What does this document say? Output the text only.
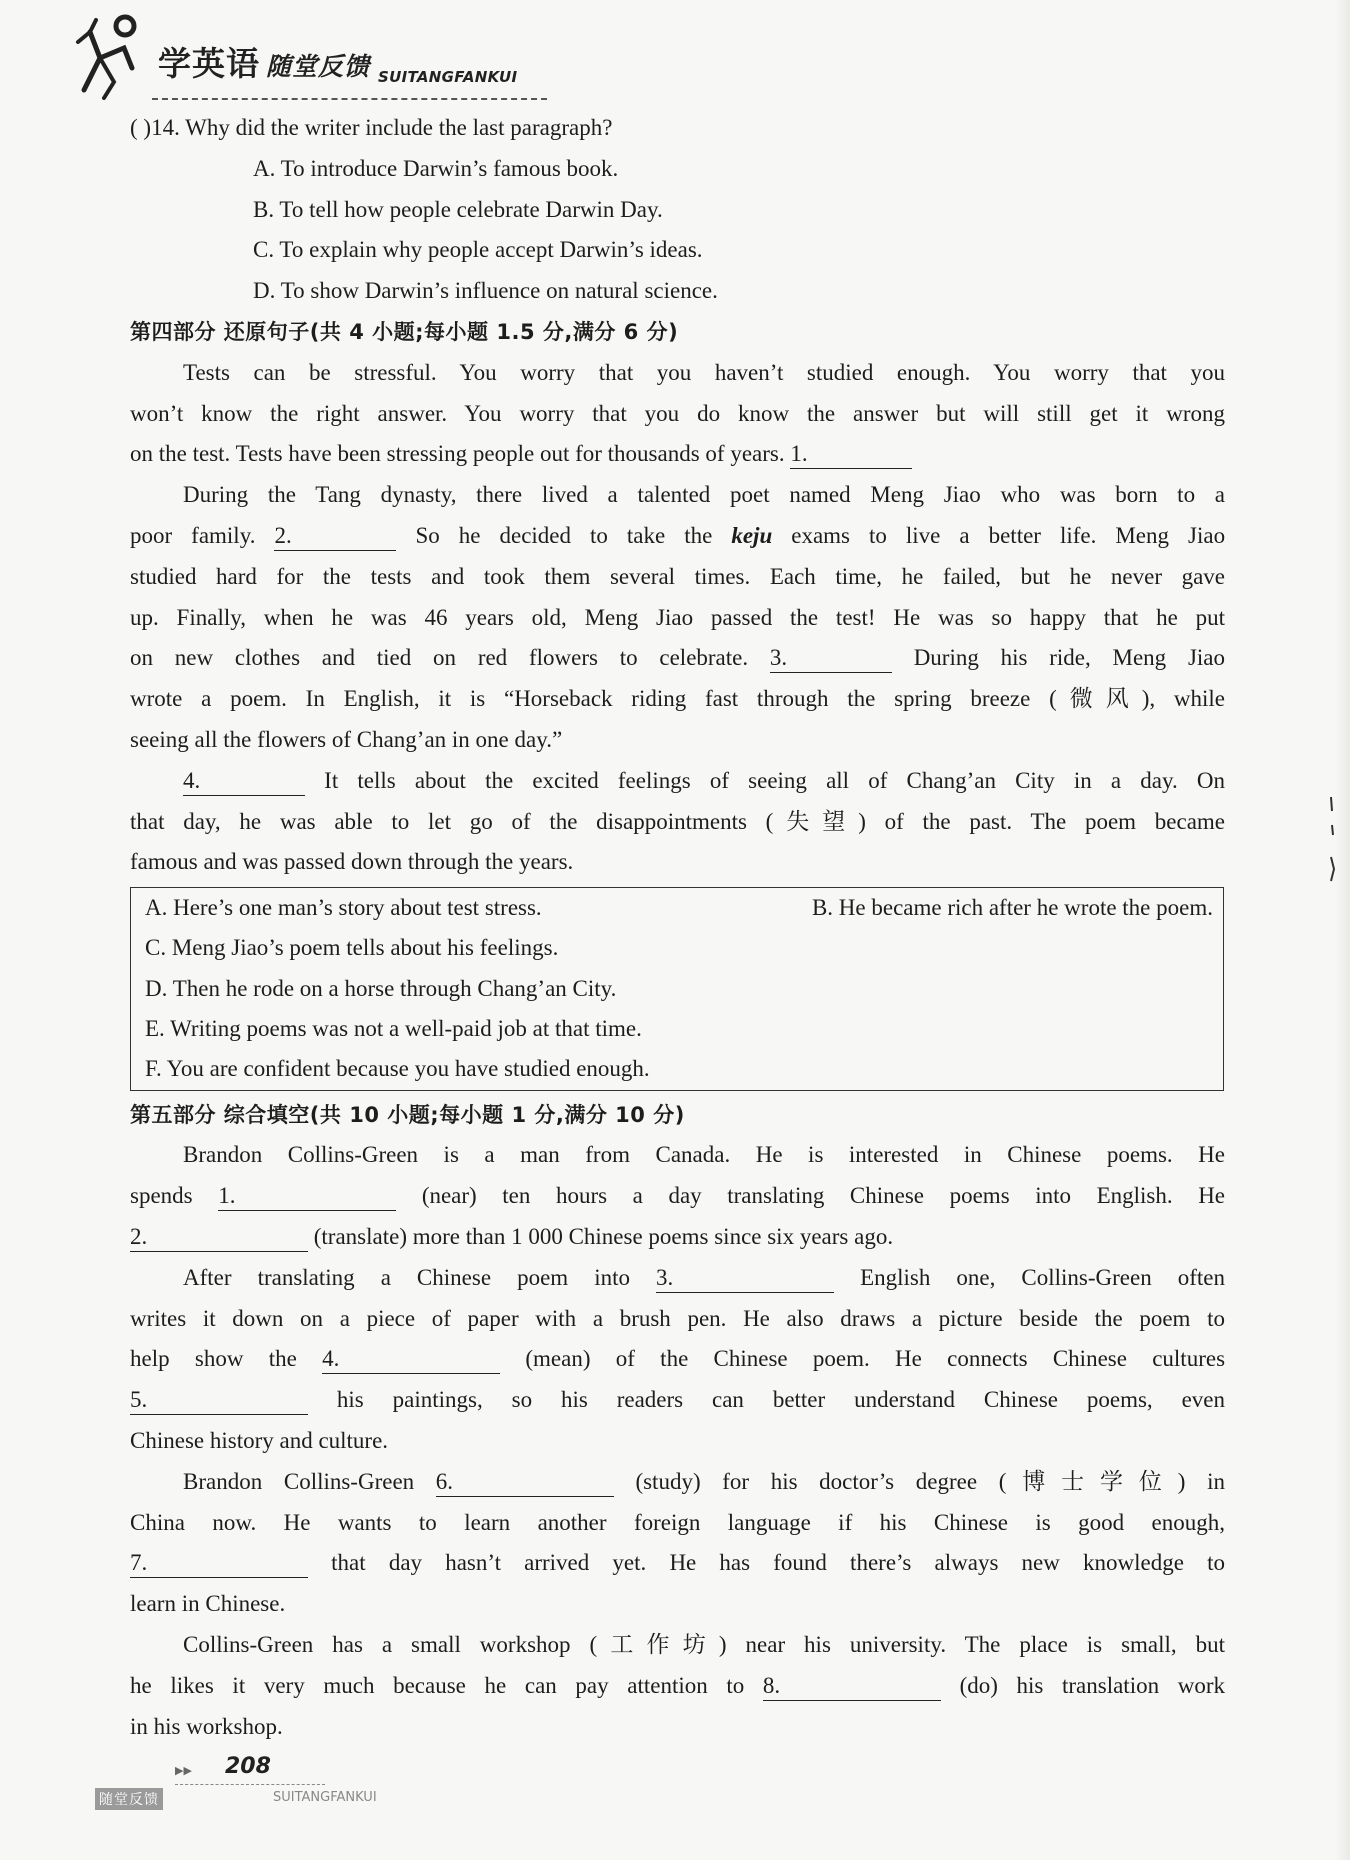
学英语 随堂反馈 SUITANGFANKUI
( )14. Why did the writer include the last paragraph?
A. To introduce Darwin’s famous book.
B. To tell how people celebrate Darwin Day.
C. To explain why people accept Darwin’s ideas.
D. To show Darwin’s influence on natural science.
第四部分 还原句子(共 4 小题;每小题 1.5 分,满分 6 分)
Tests can be stressful. You worry that you haven’t studied enough. You worry that you
won’t know the right answer. You worry that you do know the answer but will still get it wrong
on the test. Tests have been stressing people out for thousands of years. 1.
During the Tang dynasty, there lived a talented poet named Meng Jiao who was born to a
poor family. 2.	So he decided to take the keju exams to live a better life. Meng Jiao
studied hard for the tests and took them several times. Each time, he failed, but he never gave
up. Finally, when he was 46 years old, Meng Jiao passed the test! He was so happy that he put
on new clothes and tied on red flowers to celebrate. 3.	During his ride, Meng Jiao
wrote a poem. In English, it is “Horseback riding fast through the spring breeze (微风), while
seeing all the flowers of Chang’an in one day.”
4.	It tells about the excited feelings of seeing all of Chang’an City in a day. On
that day, he was able to let go of the disappointments (失望) of the past. The poem became
famous and was passed down through the years.
A. Here’s one man’s story about test stress.	B. He became rich after he wrote the poem.
C. Meng Jiao’s poem tells about his feelings.
D. Then he rode on a horse through Chang’an City.
E. Writing poems was not a well-paid job at that time.
F. You are confident because you have studied enough.
第五部分 综合填空(共 10 小题;每小题 1 分,满分 10 分)
Brandon Collins-Green is a man from Canada. He is interested in Chinese poems. He
spends 1.	(near) ten hours a day translating Chinese poems into English. He
2.	(translate) more than 1 000 Chinese poems since six years ago.
After translating a Chinese poem into 3.	English one, Collins-Green often
writes it down on a piece of paper with a brush pen. He also draws a picture beside the poem to
help show the 4.	(mean) of the Chinese poem. He connects Chinese cultures
5.	his paintings, so his readers can better understand Chinese poems, even
Chinese history and culture.
Brandon Collins-Green 6.	(study) for his doctor’s degree (博士学位) in
China now. He wants to learn another foreign language if his Chinese is good enough,
7.	that day hasn’t arrived yet. He has found there’s always new knowledge to
learn in Chinese.
Collins-Green has a small workshop (工作坊) near his university. The place is small, but
he likes it very much because he can pay attention to 8.	(do) his translation work
in his workshop.
▶▶ 208
随堂反馈	SUITANGFANKUI
